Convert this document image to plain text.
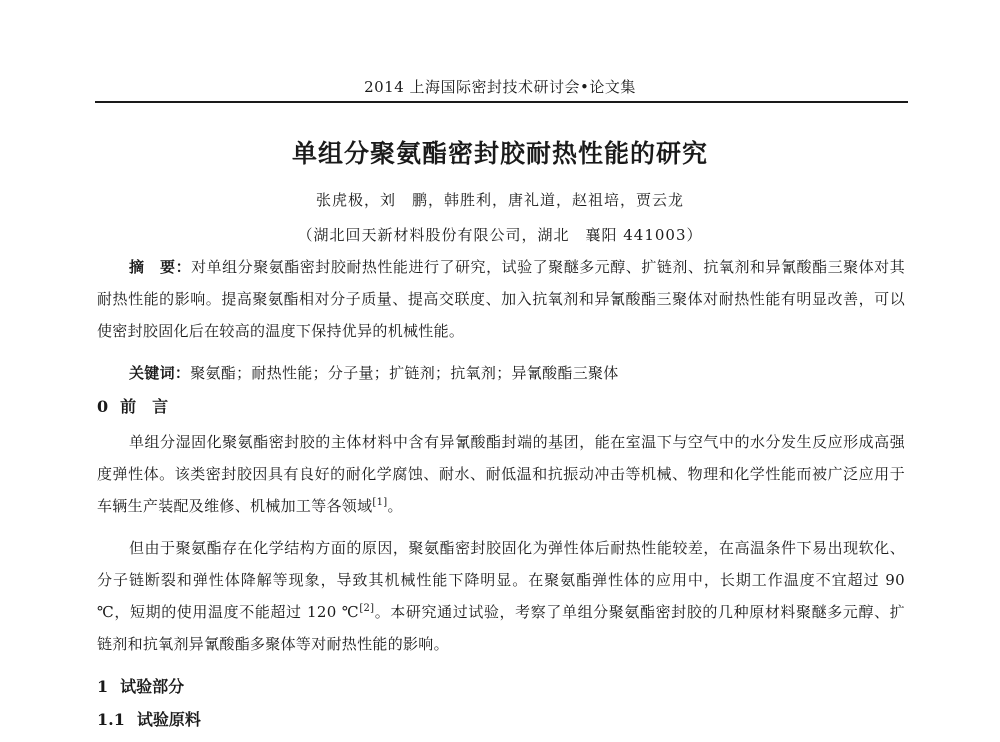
2014 上海国际密封技术研讨会•论文集
单组分聚氨酯密封胶耐热性能的研究
张虎极，刘　鹏，韩胜利，唐礼道，赵祖培，贾云龙
（湖北回天新材料股份有限公司，湖北　襄阳 441003）
摘　要：对单组分聚氨酯密封胶耐热性能进行了研究，试验了聚醚多元醇、扩链剂、抗氧剂和异氰酸酯三聚体对其耐热性能的影响。提高聚氨酯相对分子质量、提高交联度、加入抗氧剂和异氰酸酯三聚体对耐热性能有明显改善，可以使密封胶固化后在较高的温度下保持优异的机械性能。
关键词：聚氨酯；耐热性能；分子量；扩链剂；抗氧剂；异氰酸酯三聚体
0 前　言
单组分湿固化聚氨酯密封胶的主体材料中含有异氰酸酯封端的基团，能在室温下与空气中的水分发生反应形成高强度弹性体。该类密封胶因具有良好的耐化学腐蚀、耐水、耐低温和抗振动冲击等机械、物理和化学性能而被广泛应用于车辆生产装配及维修、机械加工等各领域[1]。
但由于聚氨酯存在化学结构方面的原因，聚氨酯密封胶固化为弹性体后耐热性能较差，在高温条件下易出现软化、分子链断裂和弹性体降解等现象，导致其机械性能下降明显。在聚氨酯弹性体的应用中，长期工作温度不宜超过 90 ℃，短期的使用温度不能超过 120 ℃[2]。本研究通过试验，考察了单组分聚氨酯密封胶的几种原材料聚醚多元醇、扩链剂和抗氧剂异氰酸酯多聚体等对耐热性能的影响。
1 试验部分
1.1 试验原料
